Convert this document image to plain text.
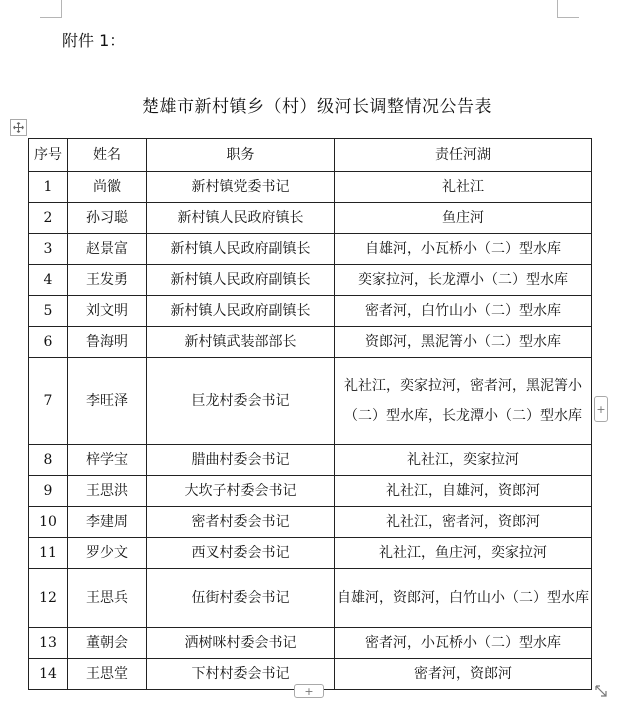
附件 1：
楚雄市新村镇乡（村）级河长调整情况公告表
序号	姓名	职务	责任河湖
1	尚徽	新村镇党委书记	礼社江
2	孙习聪	新村镇人民政府镇长	鱼庄河
3	赵景富	新村镇人民政府副镇长	自雄河，小瓦桥小（二）型水库
4	王发勇	新村镇人民政府副镇长	奕家拉河，长龙潭小（二）型水库
5	刘文明	新村镇人民政府副镇长	密者河，白竹山小（二）型水库
6	鲁海明	新村镇武装部部长	资郎河，黑泥箐小（二）型水库
7	李旺泽	巨龙村委会书记	礼社江，奕家拉河，密者河，黑泥箐小（二）型水库，长龙潭小（二）型水库
8	梓学宝	腊曲村委会书记	礼社江，奕家拉河
9	王思洪	大坎子村委会书记	礼社江，自雄河，资郎河
10	李建周	密者村委会书记	礼社江，密者河，资郎河
11	罗少文	西叉村委会书记	礼社江，鱼庄河，奕家拉河
12	王思兵	伍街村委会书记	自雄河，资郎河，白竹山小（二）型水库
13	董朝会	洒树咪村委会书记	密者河，小瓦桥小（二）型水库
14	王思堂	下村村委会书记	密者河，资郎河
+
+
